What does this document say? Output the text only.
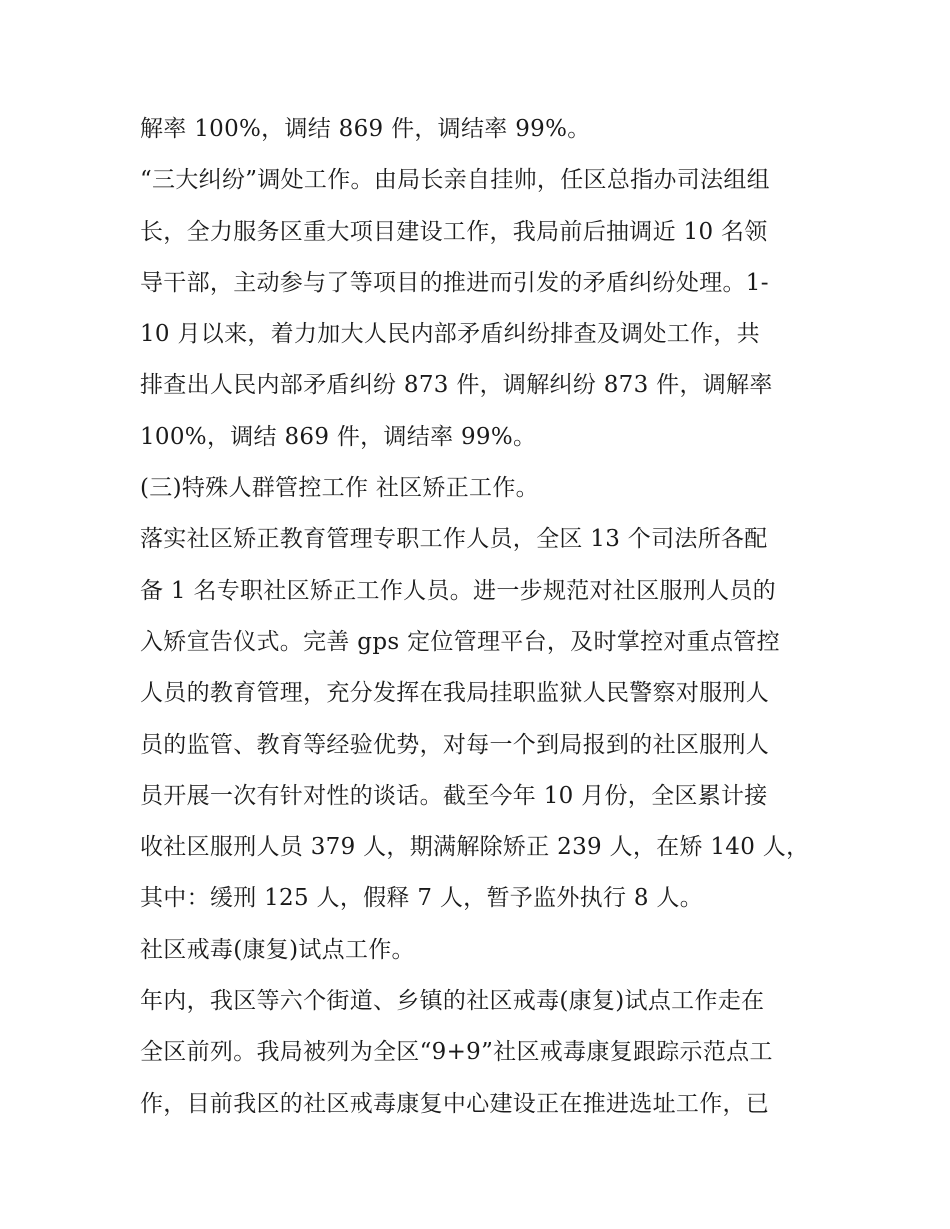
解率 100%，调结 869 件，调结率 99%。
“三大纠纷”调处工作。由局长亲自挂帅，任区总指办司法组组
长，全力服务区重大项目建设工作，我局前后抽调近 10 名领
导干部，主动参与了等项目的推进而引发的矛盾纠纷处理。1-
10 月以来，着力加大人民内部矛盾纠纷排查及调处工作，共
排查出人民内部矛盾纠纷 873 件，调解纠纷 873 件，调解率
100%，调结 869 件，调结率 99%。
(三)特殊人群管控工作 社区矫正工作。
落实社区矫正教育管理专职工作人员，全区 13 个司法所各配
备 1 名专职社区矫正工作人员。进一步规范对社区服刑人员的
入矫宣告仪式。完善 gps 定位管理平台，及时掌控对重点管控
人员的教育管理，充分发挥在我局挂职监狱人民警察对服刑人
员的监管、教育等经验优势，对每一个到局报到的社区服刑人
员开展一次有针对性的谈话。截至今年 10 月份，全区累计接
收社区服刑人员 379 人，期满解除矫正 239 人，在矫 140 人，
其中：缓刑 125 人，假释 7 人，暂予监外执行 8 人。
社区戒毒(康复)试点工作。
年内，我区等六个街道、乡镇的社区戒毒(康复)试点工作走在
全区前列。我局被列为全区“9+9”社区戒毒康复跟踪示范点工
作，目前我区的社区戒毒康复中心建设正在推进选址工作，已
